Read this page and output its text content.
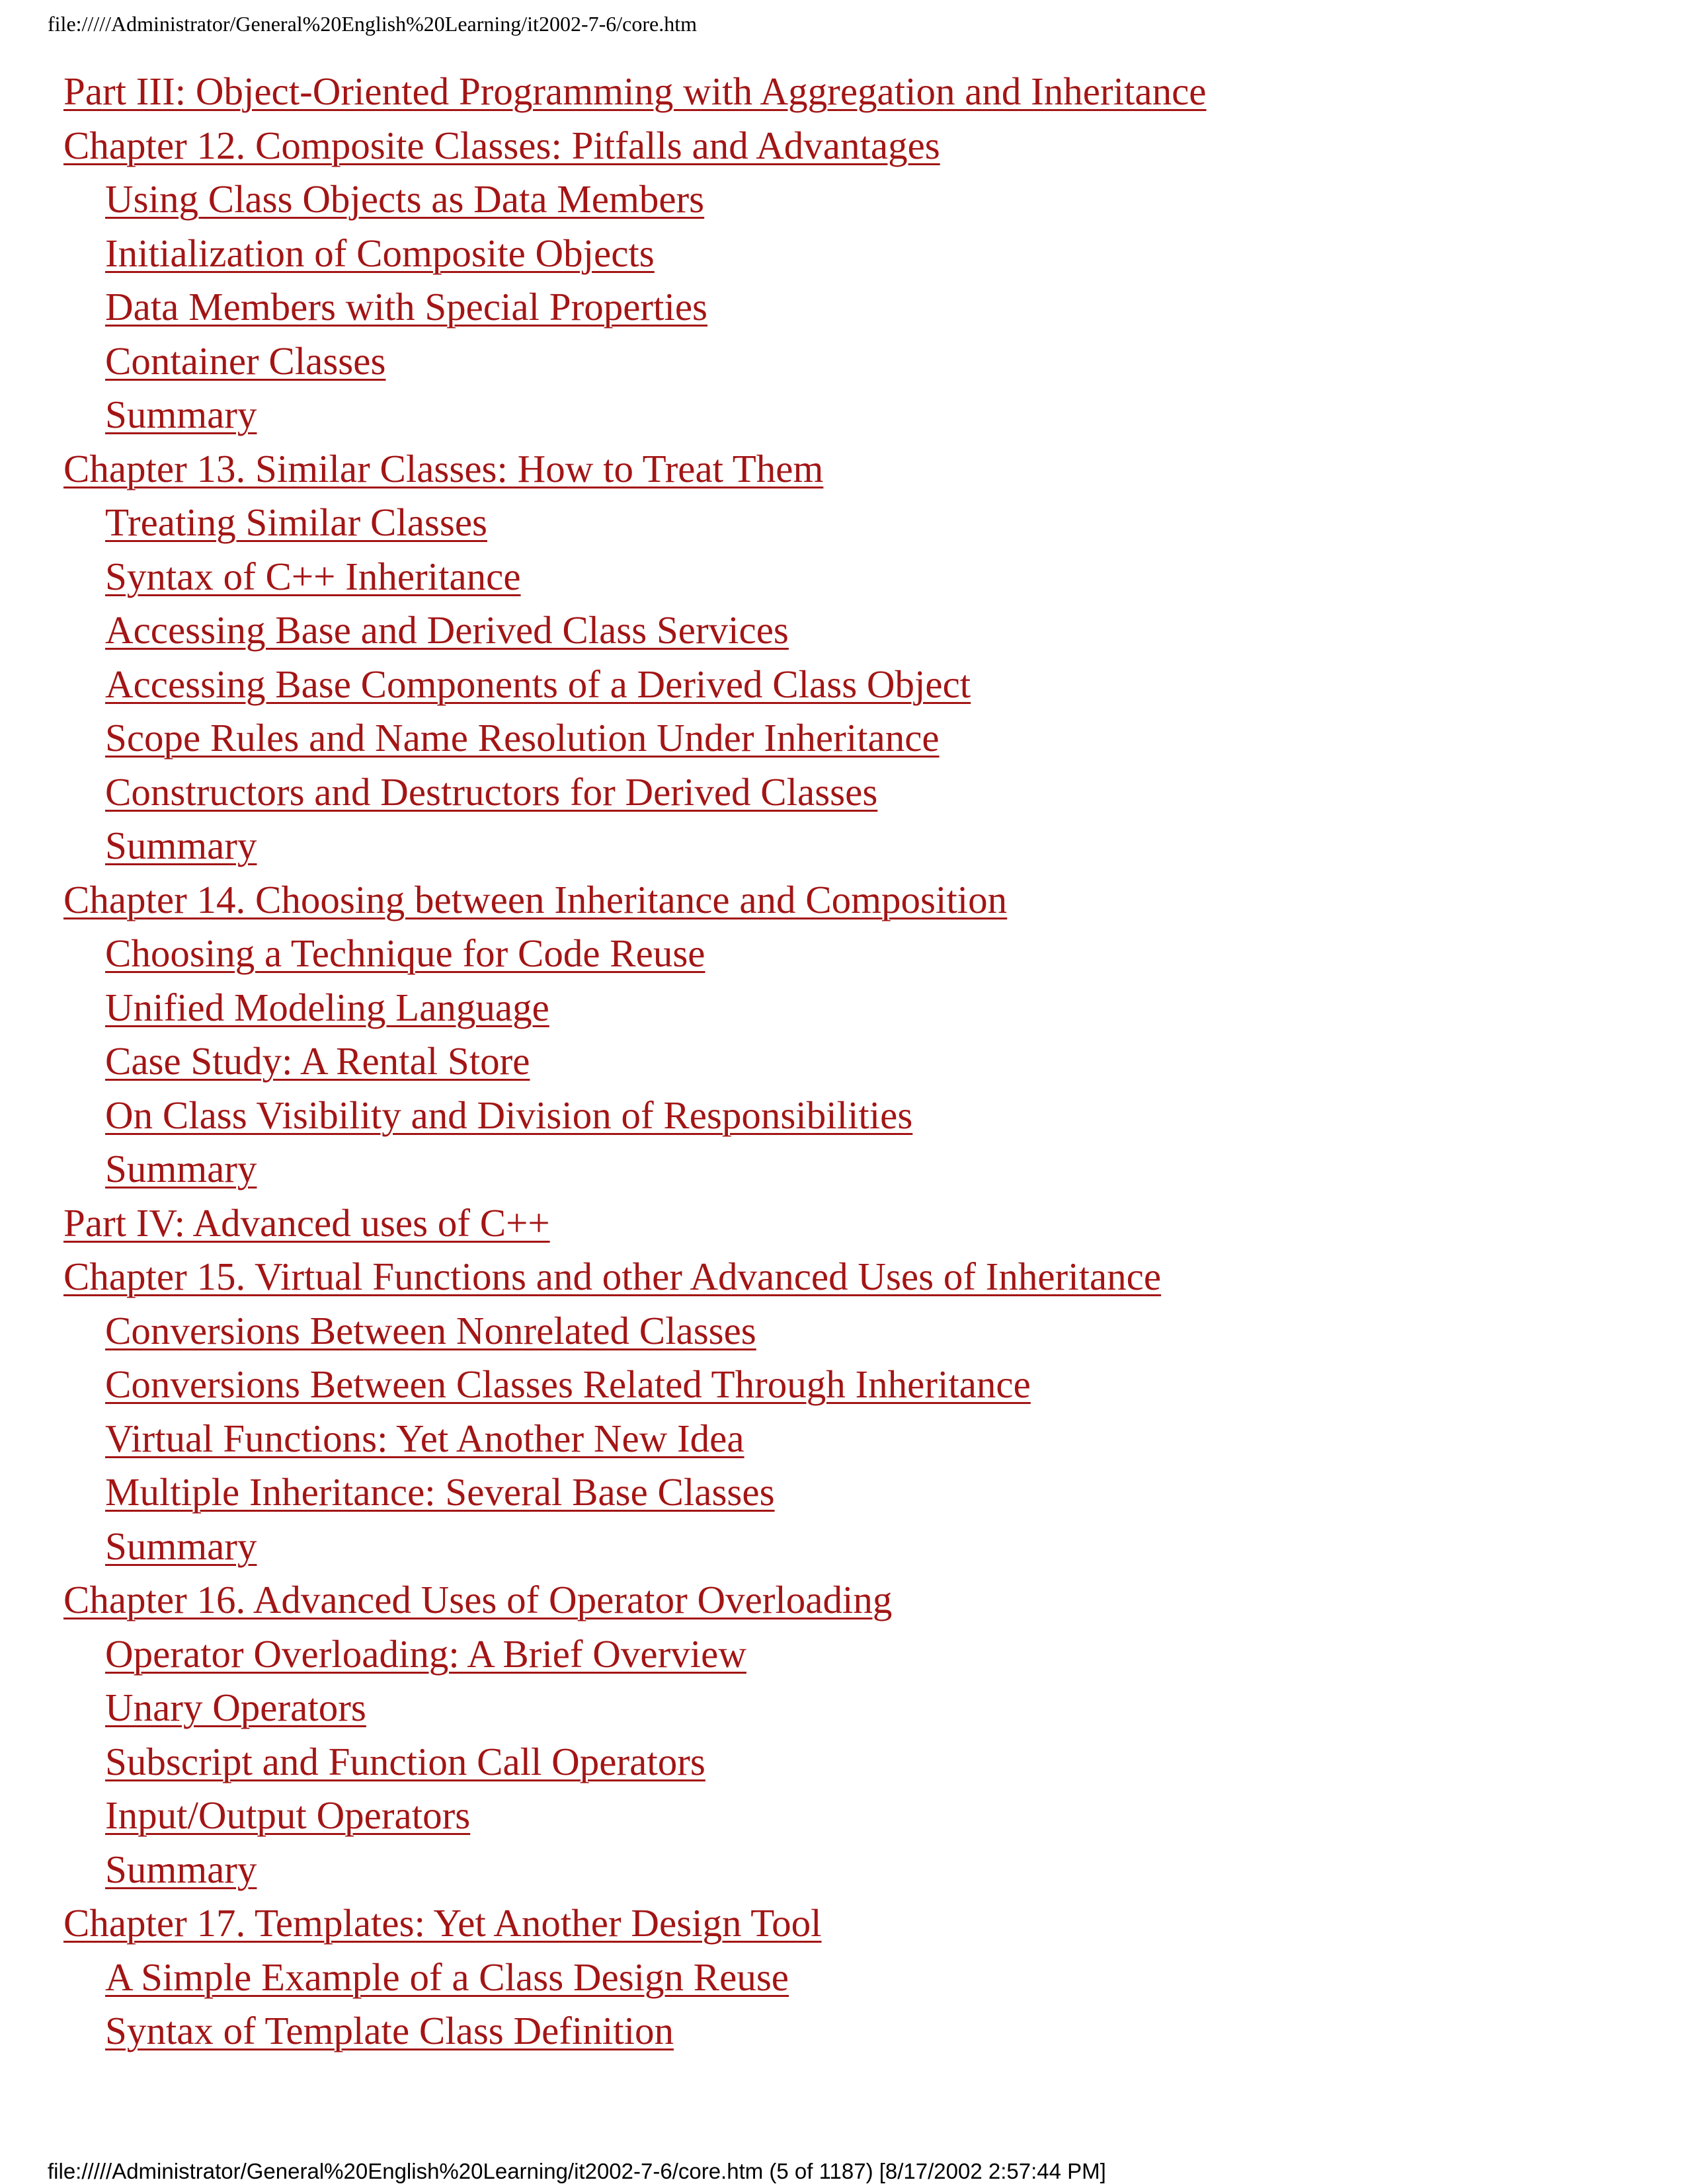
file://///Administrator/General%20English%20Learning/it2002-7-6/core.htm
Part III: Object-Oriented Programming with Aggregation and Inheritance
Chapter 12. Composite Classes: Pitfalls and Advantages
Using Class Objects as Data Members
Initialization of Composite Objects
Data Members with Special Properties
Container Classes
Summary
Chapter 13. Similar Classes: How to Treat Them
Treating Similar Classes
Syntax of C++ Inheritance
Accessing Base and Derived Class Services
Accessing Base Components of a Derived Class Object
Scope Rules and Name Resolution Under Inheritance
Constructors and Destructors for Derived Classes
Summary
Chapter 14. Choosing between Inheritance and Composition
Choosing a Technique for Code Reuse
Unified Modeling Language
Case Study: A Rental Store
On Class Visibility and Division of Responsibilities
Summary
Part IV: Advanced uses of C++
Chapter 15. Virtual Functions and other Advanced Uses of Inheritance
Conversions Between Nonrelated Classes
Conversions Between Classes Related Through Inheritance
Virtual Functions: Yet Another New Idea
Multiple Inheritance: Several Base Classes
Summary
Chapter 16. Advanced Uses of Operator Overloading
Operator Overloading: A Brief Overview
Unary Operators
Subscript and Function Call Operators
Input/Output Operators
Summary
Chapter 17. Templates: Yet Another Design Tool
A Simple Example of a Class Design Reuse
Syntax of Template Class Definition
file://///Administrator/General%20English%20Learning/it2002-7-6/core.htm (5 of 1187) [8/17/2002 2:57:44 PM]
